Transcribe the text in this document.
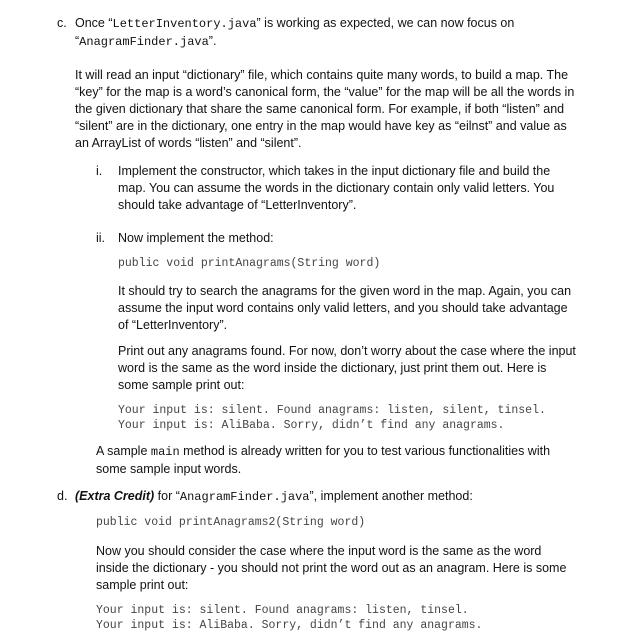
c. Once “LetterInventory.java” is working as expected, we can now focus on
“AnagramFinder.java”.

It will read an input “dictionary” file, which contains quite many words, to build a map. The “key” for the map is a word’s canonical form, the “value” for the map will be all the words in the given dictionary that share the same canonical form. For example, if both “listen” and “silent” are in the dictionary, one entry in the map would have key as “eilnst” and value as an ArrayList of words “listen” and “silent”.

i. Implement the constructor, which takes in the input dictionary file and build the map. You can assume the words in the dictionary contain only valid letters. You should take advantage of “LetterInventory”.

ii. Now implement the method:

public void printAnagrams(String word)

It should try to search the anagrams for the given word in the map. Again, you can assume the input word contains only valid letters, and you should take advantage of “LetterInventory”.

Print out any anagrams found. For now, don’t worry about the case where the input word is the same as the word inside the dictionary, just print them out. Here is some sample print out:

Your input is: silent. Found anagrams: listen, silent, tinsel.
Your input is: AliBaba. Sorry, didn’t find any anagrams.

A sample main method is already written for you to test various functionalities with some sample input words.

d. (Extra Credit) for “AnagramFinder.java”, implement another method:

public void printAnagrams2(String word)

Now you should consider the case where the input word is the same as the word inside the dictionary - you should not print the word out as an anagram. Here is some sample print out:

Your input is: silent. Found anagrams: listen, tinsel.
Your input is: AliBaba. Sorry, didn’t find any anagrams.
